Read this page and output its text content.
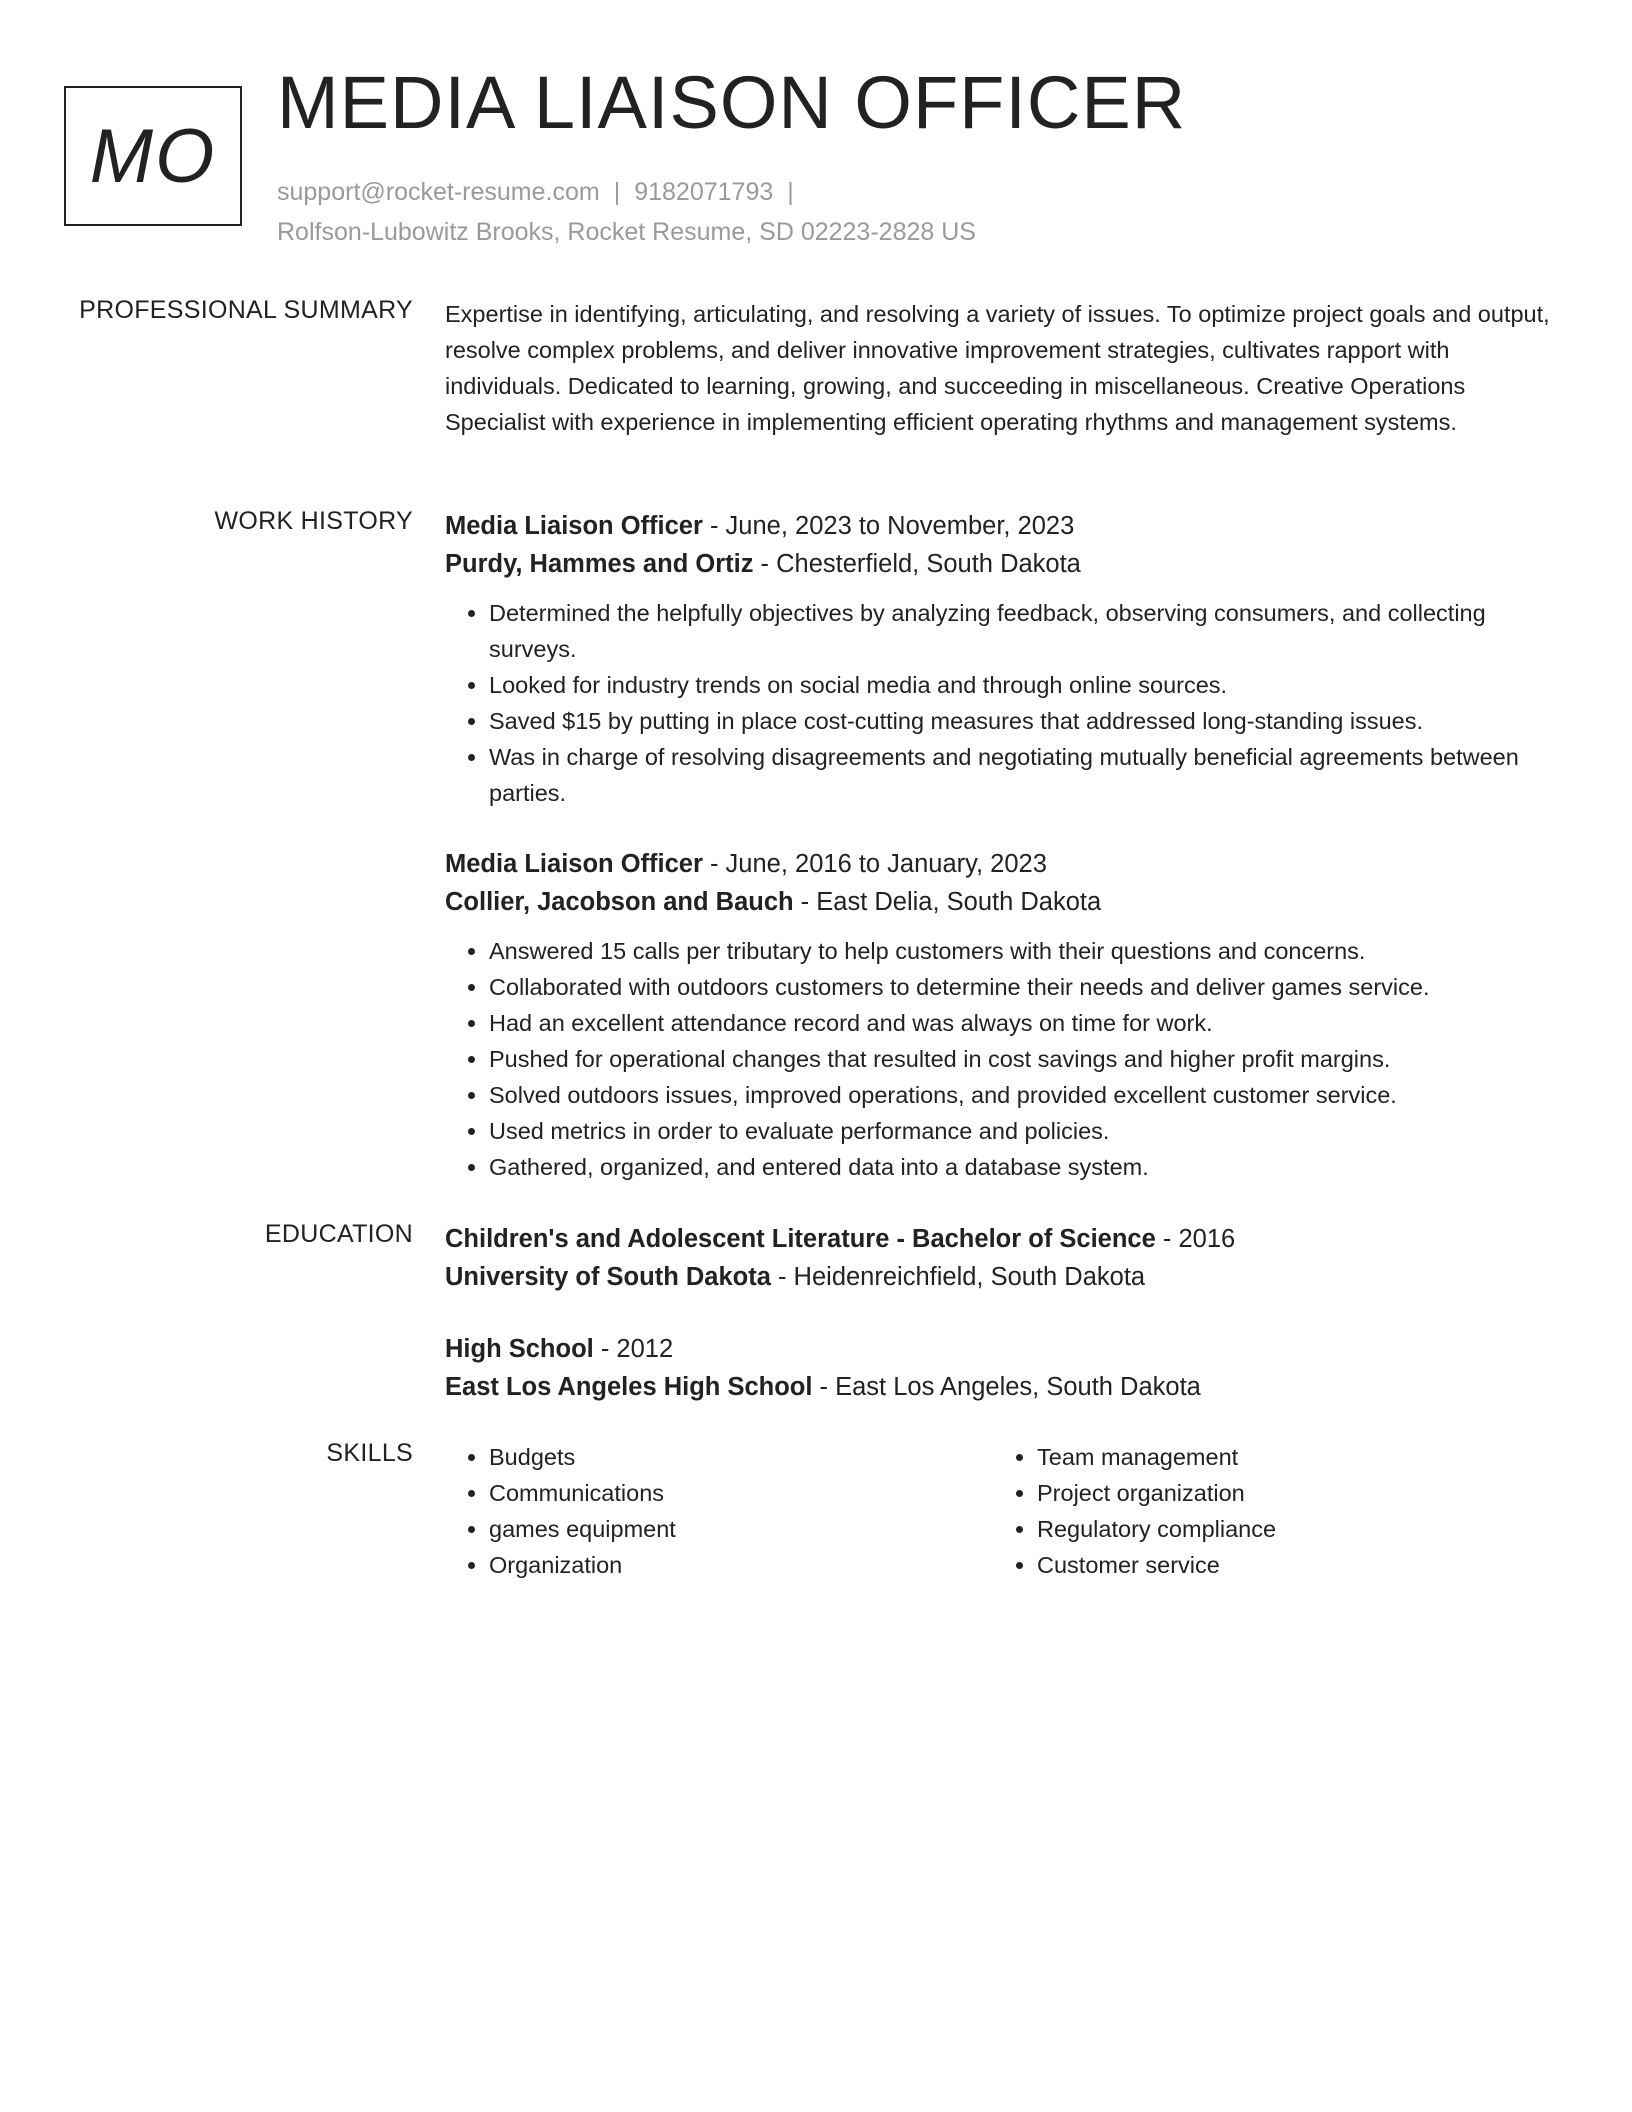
MO
MEDIA LIAISON OFFICER
support@rocket-resume.com | 9182071793 |
Rolfson-Lubowitz Brooks, Rocket Resume, SD 02223-2828 US
PROFESSIONAL SUMMARY Expertise in identifying, articulating, and resolving a variety of issues. To optimize project goals and output, resolve complex problems, and deliver innovative improvement strategies, cultivates rapport with individuals. Dedicated to learning, growing, and succeeding in miscellaneous. Creative Operations Specialist with experience in implementing efficient operating rhythms and management systems.

WORK HISTORY Media Liaison Officer - June, 2023 to November, 2023
Purdy, Hammes and Ortiz - Chesterfield, South Dakota
• Determined the helpfully objectives by analyzing feedback, observing consumers, and collecting surveys.
• Looked for industry trends on social media and through online sources.
• Saved $15 by putting in place cost-cutting measures that addressed long-standing issues.
• Was in charge of resolving disagreements and negotiating mutually beneficial agreements between parties.
Media Liaison Officer - June, 2016 to January, 2023
Collier, Jacobson and Bauch - East Delia, South Dakota
• Answered 15 calls per tributary to help customers with their questions and concerns.
• Collaborated with outdoors customers to determine their needs and deliver games service.
• Had an excellent attendance record and was always on time for work.
• Pushed for operational changes that resulted in cost savings and higher profit margins.
• Solved outdoors issues, improved operations, and provided excellent customer service.
• Used metrics in order to evaluate performance and policies.
• Gathered, organized, and entered data into a database system.
EDUCATION Children's and Adolescent Literature - Bachelor of Science - 2016
University of South Dakota - Heidenreichfield, South Dakota
High School - 2012
East Los Angeles High School - East Los Angeles, South Dakota
SKILLS
•	Budgets
• Communications
• games equipment
• Organization
• Team management
• Project organization
• Regulatory compliance
• Customer service
